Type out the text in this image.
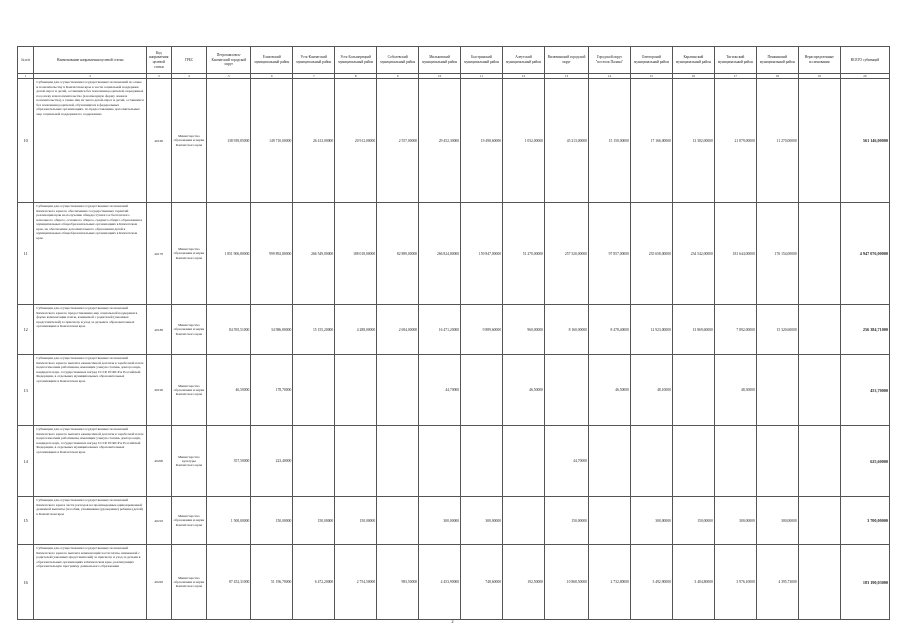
№ п/п	Наименование направления целевой статьи	Код направления целевой статьи	ГРБС	Петропавловск-Камчатский городской округ	Елизовский муниципальный район	Усть-Камчатский муниципальный район	Усть-Большерецкий муниципальный район	Соболевский муниципальный район	Мильковский муниципальный район	Быстринский муниципальный район	Алеутский муниципальный район	Вилючинский городской округ	Городской округ "поселок Палана"	Олюторский муниципальный район	Карагинский муниципальный район	Тигильский муниципальный район	Пенжинский муниципальный район	Нераспределенные ассигнования	ВСЕГО субвенций
1	2	3	4	5	6	7	8	9	10	11	12	13	14	15	16	17	18	19	20
10	Субвенции для осуществления государственных полномочий по опеке и попечительству в Камчатском крае в части социальной поддержки детей-сирот и детей, оставшихся без попечения родителей, переданных под опеку или попечительство (в возмездную форму опеки и попечительства), а также лиц из числа детей-сирот и детей, оставшихся без попечения родителей, обучающихся в федеральных образовательных организациях, по предоставлению дополнительных мер социальной поддержки по содержанию	40160	Министерство образования и науки Камчатского края	138 939,85000	149 710,00000	26 413,00000	20 912,00000	2 557,00000	29 452,30000	19 498,60000	1 032,00000	45 213,00000	15 150,00000	17 166,00000	13 382,00000	21 879,00000	11 270,00000		561 146,00000
11	Субвенции для осуществления государственных полномочий Камчатского края по обеспечению государственных гарантий реализации прав на получение общедоступного и бесплатного начального общего, основного общего, среднего общего образования в муниципальных общеобразовательных организациях в Камчатском крае, на обеспечение дополнительного образования детей в муниципальных общеобразовательных организациях в Камчатском крае	40170	Министерство образования и науки Камчатского края	1 851 906,80000	999 892,80000	266 549,00000	188 018,00000	82 889,00000	266 824,80000	159 847,00000	51 270,00000	257 520,00000	97 857,00000	235 658,00000	234 542,00000	181 644,00000	176 154,00000		4 947 076,00000
12	Субвенции для осуществления государственных полномочий Камчатского края по предоставлению мер социальной поддержки в форме компенсации платы, взимаемой с родителей (законных представителей) за присмотр и уход за детьми в образовательных организациях в Камчатском крае	40180	Министерство образования и науки Камчатского края	84 595,51000	34 986,80000	15 155,20000	4 288,00000	2 694,00000	16 471,20000	9 889,60000	960,00000	8 160,00000	8 478,40000	12 923,00000	13 869,60000	7 892,00000	15 320,60000		256 384,71000
13	Субвенции для осуществления государственных полномочий Камчатского края по выплате ежемесячной доплаты к заработной плате педагогическим работникам, имеющим ученую степень доктора наук, кандидата наук, государственных наград СССР, РСФСР и Российской Федерации, в отдельных муниципальных образовательных организациях в Камчатском крае	40190	Министерство образования и науки Камчатского края	46,50000	178,70000				44,70000		46,50000		46,50000	48,10000		48,30000			453,70000
14	Субвенции для осуществления государственных полномочий Камчатского края по выплате ежемесячной доплаты к заработной плате педагогическим работникам, имеющим ученую степень доктора наук, кандидата наук, государственных наград СССР, РСФСР и Российской Федерации, в отдельных муниципальных образовательных организациях в Камчатском крае	40200	Министерство культуры Камчатского края	357,50000	223,40000							44,70000							625,60000
15	Субвенции для осуществления государственных полномочий Камчатского края в части расходов на произведенные единовременной денежной выплаты (пособия, ухаживания (удочерение) ребенка (детей) в Камчатском крае	40210	Министерство образования и науки Камчатского края	1 500,00000	150,00000	150,00000	150,00000		300,00000	300,00000		150,00000		300,00000	150,00000	300,00000	300,00000		3 700,00000
16	Субвенции для осуществления государственных полномочий Камчатского края по выплате компенсации части платы, взимаемой с родителей (законных представителей) за присмотр и уход за детьми в образовательных организациях в Камчатском крае, реализующих образовательную программу дошкольного образования	40220	Министерство образования и науки Камчатского края	87 452,31000	51 196,70000	6 472,20000	2 754,50000	983,50000	4 453,90000	748,60000	192,50000	10 868,50000	2 732,80000	3 492,90000	3 404,80000	3 976,10000	4 395,73000		183 190,03000
2
